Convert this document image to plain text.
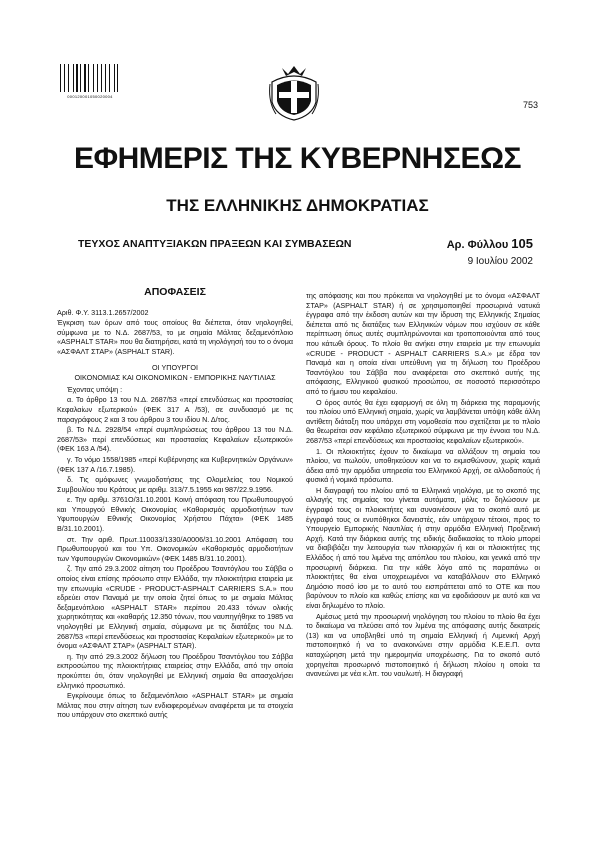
000120001050020004
753
ΕΦΗΜΕΡΙΣ ΤΗΣ ΚΥΒΕΡΝΗΣΕΩΣ
ΤΗΣ ΕΛΛΗΝΙΚΗΣ ΔΗΜΟΚΡΑΤΙΑΣ
ΤΕΥΧΟΣ ΑΝΑΠΤΥΞΙΑΚΩΝ ΠΡΑΞΕΩΝ ΚΑΙ ΣΥΜΒΑΣΕΩΝ	Αρ. Φύλλου 105
9 Ιουλίου 2002
ΑΠΟΦΑΣΕΙΣ

Αριθ. Φ.Υ. 3113.1.2657/2002

Έγκριση των όρων από τους οποίους θα διέπεται, όταν νηολογηθεί, σύμφωνα με το Ν.Δ. 2687/53, το με σημαία Μάλτας δεξαμενόπλοιο «ASPHALT STAR» που θα διατηρήσει, κατά τη νηολόγησή του το ο όνομα «ΑΣΦΑΛΤ ΣΤΑΡ» (ASPHALT STAR).

ΟΙ ΥΠΟΥΡΓΟΙ

ΟΙΚΟΝΟΜΙΑΣ ΚΑΙ ΟΙΚΟΝΟΜΙΚΩΝ - ΕΜΠΟΡΙΚΗΣ ΝΑΥΤΙΛΙΑΣ

Έχοντας υπόψη :

α. Το άρθρο 13 του Ν.Δ. 2687/53 «περί επενδύσεως και προστασίας Κεφαλαίων εξωτερικού» (ΦΕΚ 317 Α /53), σε συνδυασμό με τις παραγράφους 2 και 3 του άρθρου 3 του ιδίου Ν. Δ/τος.

β. Το Ν.Δ. 2928/54 «περί συμπληρώσεως του άρθρου 13 του Ν.Δ. 2687/53» περί επενδύσεως και προστασίας Κεφαλαίων εξωτερικού» (ΦΕΚ 163 Α /54).

γ. Το νόμο 1558/1985 «περί Κυβέρνησης και Κυβερνητικών Οργάνων» (ΦΕΚ 137 Α /16.7.1985).

δ. Τις ομόφωνες γνωμοδοτήσεις της Ολομελείας του Νομικού Συμβουλίου του Κράτους με αριθμ. 313/7.5.1955 και 987/22.9.1956.

ε. Την αριθμ. 3761Ο/31.10.2001 Κοινή απόφαση του Πρωθυπουργού και Υπουργού Εθνικής Οικονομίας «Καθορισμός αρμοδιοτήτων των Υφυπουργών Εθνικής Οικονομίας Χρήστου Πάχτα» (ΦΕΚ 1485 Β/31.10.2001).

στ. Την αριθ. Πρωτ.110033/1330/Α0006/31.10.2001 Απόφαση του Πρωθυπουργού και του Υπ. Οικονομικών «Καθορισμός αρμοδιοτήτων των Υφυπουργών Οικονομικών» (ΦΕΚ 1485 Β/31.10.2001).

ζ. Την από 29.3.2002 αίτηση του Προέδρου Τσαντόγλου του Σάββα ο οποίος είναι επίσης πρόσωπο στην Ελλάδα, την πλοιοκτήτρια εταιρεία με την επωνυμία «CRUDE - PRODUCT-ASPHALT CARRIERS S.A.» που εδρεύει στον Παναμά με την οποία ζητεί όπως το με σημαία Μάλτας δεξαμενόπλοιο «ASPHALT STAR» περίπου 20.433 τόνων ολικής χωρητικότητας και «καθαρής 12.350 τόνων, που ναυπηγήθηκε το 1985 να νηολογηθεί με Ελληνική σημαία, σύμφωνα με τις διατάξεις του Ν.Δ. 2687/53 «περί επενδύσεως και προστασίας Κεφαλαίων εξωτερικού» με το όνομα «ΑΣΦΑΛΤ ΣΤΑΡ» (ASPHALT STAR).

η. Την από 29.3.2002 δήλωση του Προέδρου Τσαντόγλου του Σάββα εκπροσώπου της πλοιοκτήτριας εταιρείας στην Ελλάδα, από την οποία προκύπτει ότι, όταν νηολογηθεί με Ελληνική σημαία θα απασχολήσει ελληνικό προσωπικό.

Εγκρίνουμε όπως το δεξαμενόπλοιο «ASPHALT STAR» με σημαία Μάλτας που στην αίτηση των ενδιαφερομένων αναφέρεται με τα στοιχεία που υπάρχουν στο σκεπτικό αυτής

της απόφασης και που πρόκειται να νηολογηθεί με το όνομα «ΑΣΦΑΛΤ ΣΤΑΡ» (ASPHALT STAR) ή σε χρησιμοποιηθεί προσωρινά νατυκά έγγραφα από την έκδοση αυτών και την ίδρυση της Ελληνικής Σημαίας διέπεται από τις διατάξεις των Ελληνικών νόμων που ισχύουν σε κάθε περίπτωση όπως αυτές συμπληρώνονται και τροποποιούνται από τους που κάτωθι όρους. Το πλοίο θα ανήκει στην εταιρεία με την επωνυμία «CRUDE - PRODUCT - ASPHALT CARRIERS S.A.» με έδρα τον Παναμά και η οποία είναι υπεύθυνη για τη δήλωση του Προέδρου Τσαντόγλου του Σάββα που αναφέρεται στο σκεπτικό αυτής της απόφασης, Ελληνικού φυσικού προσώπου, σε ποσοστό περισσότερο από το ήμισυ του κεφαλαίου.

Ο όρος αυτός θα έχει εφαρμογή σε όλη τη διάρκεια της παραμονής του πλοίου υπό Ελληνική σημαία, χωρίς να λαμβάνεται υπόψη κάθε άλλη αντίθετη διάταξη που υπάρχει στη νομοθεσία που σχετίζεται με το πλοίο θα θεωρείται σαν κεφάλαιο εξωτερικού σύμφωνα με την έννοια του Ν.Δ. 2687/53 «περί επενδύσεως και προστασίας κεφαλαίων εξωτερικού».

1. Οι πλοιοκτήτες έχουν το δικαίωμα να αλλάξουν τη σημαία του πλοίου, να πωλούν, υποθηκεύουν και να το εκμισθώνουν, χωρίς καμιά άδεια από την αρμόδια υπηρεσία του Ελληνικού Αρχή, σε αλλοδαπούς ή φυσικά ή νομικά πρόσωπα.

Η διαγραφή του πλοίου από τα Ελληνικά νηολόγια, με το σκοπό της αλλαγής της σημαίας του γίνεται αυτόματα, μόλις το δηλώσουν με έγγραφό τους οι πλοιοκτήτες και συναινέσουν για το σκοπό αυτό με έγγραφό τους οι ενυπόθηκοι δανειστές, εάν υπάρχουν τέτοιοι, προς το Υπουργείο Εμπορικής Ναυτιλίας ή στην αρμόδια Ελληνική Προξενική Αρχή. Κατά την διάρκεια αυτής της ειδικής διαδικασίας το πλοίο μπορεί να διαβιβάζει την λειτουργία των πλοιαρχών ή και οι πλοιοκτήτες της Ελλάδος ή από του λιμένα της απόπλου του πλοίου, και γενικά από την προσωρινή διάρκεια. Για την κάθε λόγο από τις παραπάνω οι πλοιοκτήτες θα είναι υποχρεωμένοι να καταβάλλουν στο Ελληνικό Δημόσιο ποσό ίσο με το αυτό του εισπράττεται από το ΟΤΕ και που βαρύνουν το πλοίο και καθώς επίσης και να εφοδιάσουν με αυτό και να είναι δηλωμένο το πλοίο.

Αμέσως μετά την προσωρινή νηολόγηση του πλοίου το πλοίο θα έχει το δικαίωμα να πλεύσει από τον λιμένα της απόφασης αυτής δεκατρείς (13) και να υποβληθεί υπό τη σημαία Ελληνική ή Λιμενική Αρχή πιστοποιητικό ή να το ανακοινώνει στην αρμόδια Κ.Ε.Ε.Π. οντα καταχώρηση μετά την ημερομηνία υποχρέωσης. Για το σκοπό αυτό χορηγείται προσωρινό πιστοποιητικό ή δήλωση πλοίου η οποία τα ανανεώνει με νέα κ.λπ. του ναυλωτή. Η διαγραφή
